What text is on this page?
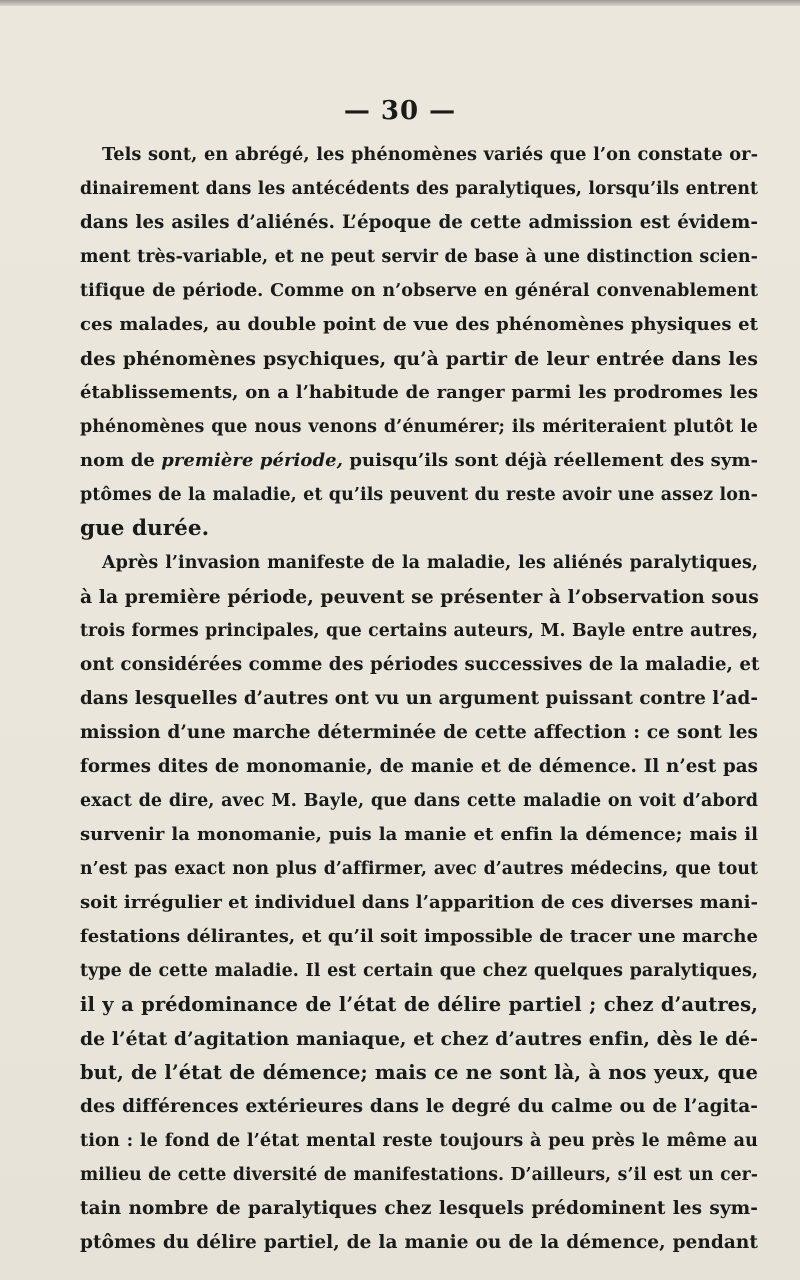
— 30 —
Tels sont, en abrégé, les phénomènes variés que l’on constate or-
dinairement dans les antécédents des paralytiques, lorsqu’ils entrent
dans les asiles d’aliénés. L’époque de cette admission est évidem-
ment très-variable, et ne peut servir de base à une distinction scien-
tifique de période. Comme on n’observe en général convenablement
ces malades, au double point de vue des phénomènes physiques et
des phénomènes psychiques, qu’à partir de leur entrée dans les
établissements, on a l’habitude de ranger parmi les prodromes les
phénomènes que nous venons d’énumérer; ils mériteraient plutôt le
nom de première période, puisqu’ils sont déjà réellement des sym-
ptômes de la maladie, et qu’ils peuvent du reste avoir une assez lon-
gue durée.
Après l’invasion manifeste de la maladie, les aliénés paralytiques,
à la première période, peuvent se présenter à l’observation sous
trois formes principales, que certains auteurs, M. Bayle entre autres,
ont considérées comme des périodes successives de la maladie, et
dans lesquelles d’autres ont vu un argument puissant contre l’ad-
mission d’une marche déterminée de cette affection : ce sont les
formes dites de monomanie, de manie et de démence. Il n’est pas
exact de dire, avec M. Bayle, que dans cette maladie on voit d’abord
survenir la monomanie, puis la manie et enfin la démence; mais il
n’est pas exact non plus d’affirmer, avec d’autres médecins, que tout
soit irrégulier et individuel dans l’apparition de ces diverses mani-
festations délirantes, et qu’il soit impossible de tracer une marche
type de cette maladie. Il est certain que chez quelques paralytiques,
il y a prédominance de l’état de délire partiel ; chez d’autres,
de l’état d’agitation maniaque, et chez d’autres enfin, dès le dé-
but, de l’état de démence; mais ce ne sont là, à nos yeux, que
des différences extérieures dans le degré du calme ou de l’agita-
tion : le fond de l’état mental reste toujours à peu près le même au
milieu de cette diversité de manifestations. D’ailleurs, s’il est un cer-
tain nombre de paralytiques chez lesquels prédominent les sym-
ptômes du délire partiel, de la manie ou de la démence, pendant
